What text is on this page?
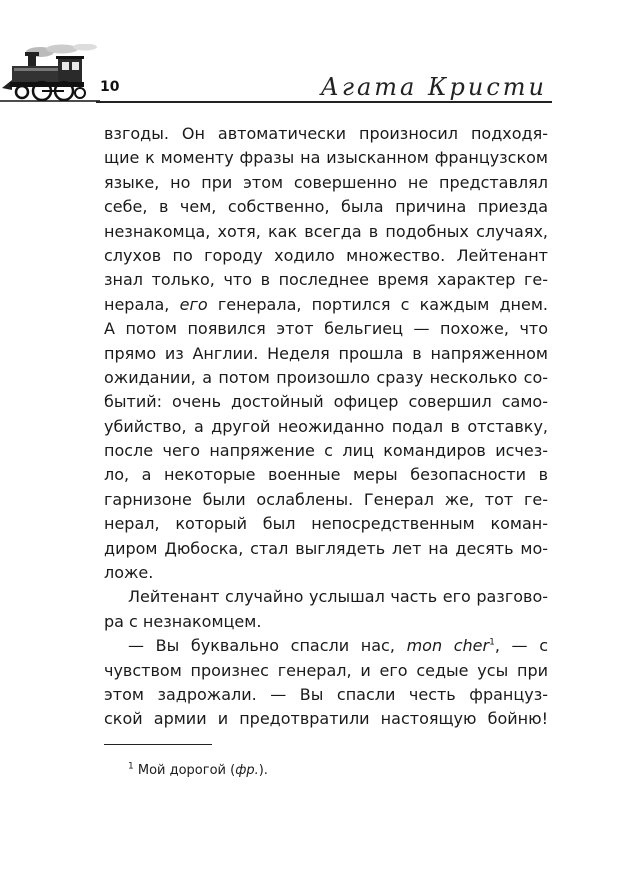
10	Агата Кристи
взгоды. Он автоматически произносил подходя-
щие к моменту фразы на изысканном французском
языке, но при этом совершенно не представлял
себе, в чем, собственно, была причина приезда
незнакомца, хотя, как всегда в подобных случаях,
слухов по городу ходило множество. Лейтенант
знал только, что в последнее время характер ге-
нерала, его генерала, портился с каждым днем.
А потом появился этот бельгиец — похоже, что
прямо из Англии. Неделя прошла в напряженном
ожидании, а потом произошло сразу несколько со-
бытий: очень достойный офицер совершил само-
убийство, а другой неожиданно подал в отставку,
после чего напряжение с лиц командиров исчез-
ло, а некоторые военные меры безопасности в
гарнизоне были ослаблены. Генерал же, тот ге-
нерал, который был непосредственным коман-
диром Дюбоска, стал выглядеть лет на десять мо-
ложе.
Лейтенант случайно услышал часть его разгово-
ра с незнакомцем.
— Вы буквально спасли нас, mon cher$^1$, — с
чувством произнес генерал, и его седые усы при
этом задрожали. — Вы спасли честь француз-
ской армии и предотвратили настоящую бойню!
$^1$ Мой дорогой (фр.).
